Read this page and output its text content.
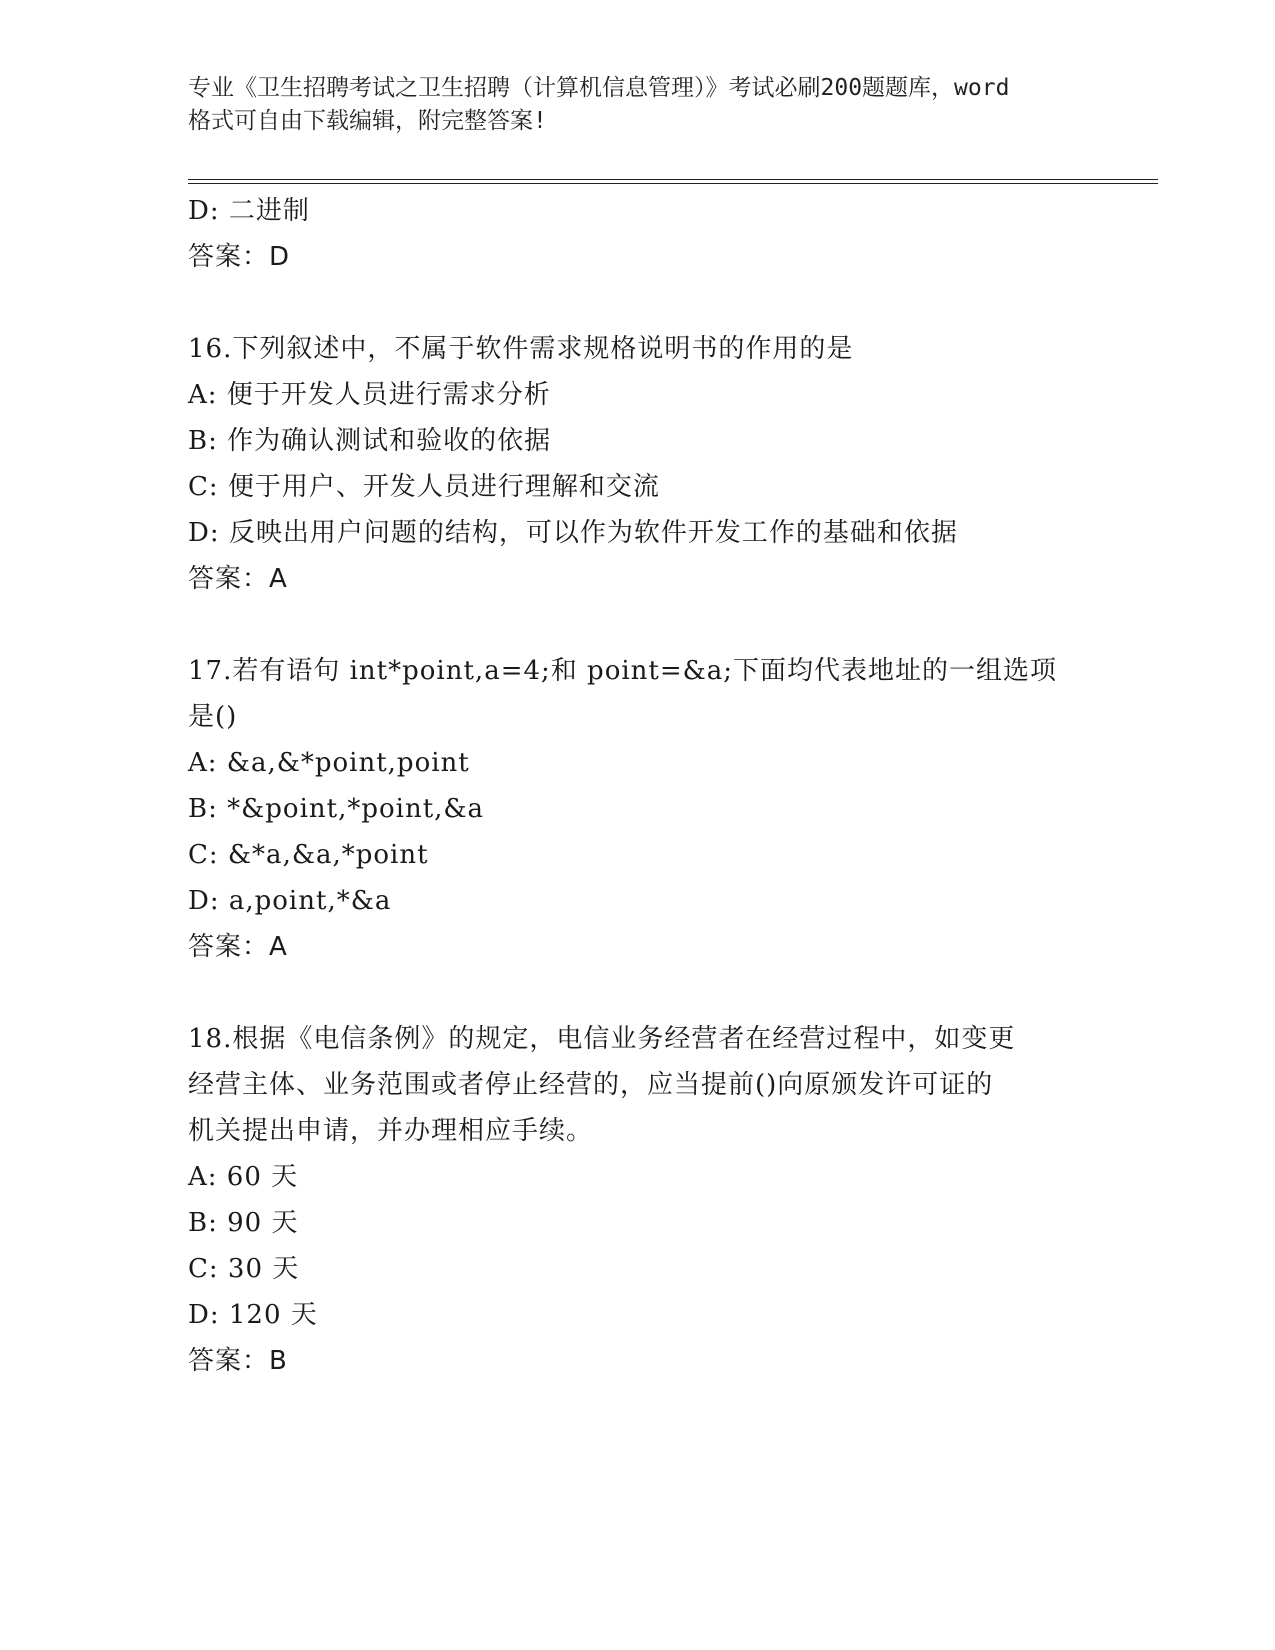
专业《卫生招聘考试之卫生招聘（计算机信息管理）》考试必刷200题题库，word
格式可自由下载编辑，附完整答案!
D: 二进制
答案：D
16.下列叙述中，不属于软件需求规格说明书的作用的是
A: 便于开发人员进行需求分析
B: 作为确认测试和验收的依据
C: 便于用户、开发人员进行理解和交流
D: 反映出用户问题的结构，可以作为软件开发工作的基础和依据
答案：A
17.若有语句 int*point,a=4;和 point=&a;下面均代表地址的一组选项
是()
A: &a,&*point,point
B: *&point,*point,&a
C: &*a,&a,*point
D: a,point,*&a
答案：A
18.根据《电信条例》的规定，电信业务经营者在经营过程中，如变更
经营主体、业务范围或者停止经营的，应当提前()向原颁发许可证的
机关提出申请，并办理相应手续。
A: 60 天
B: 90 天
C: 30 天
D: 120 天
答案：B
